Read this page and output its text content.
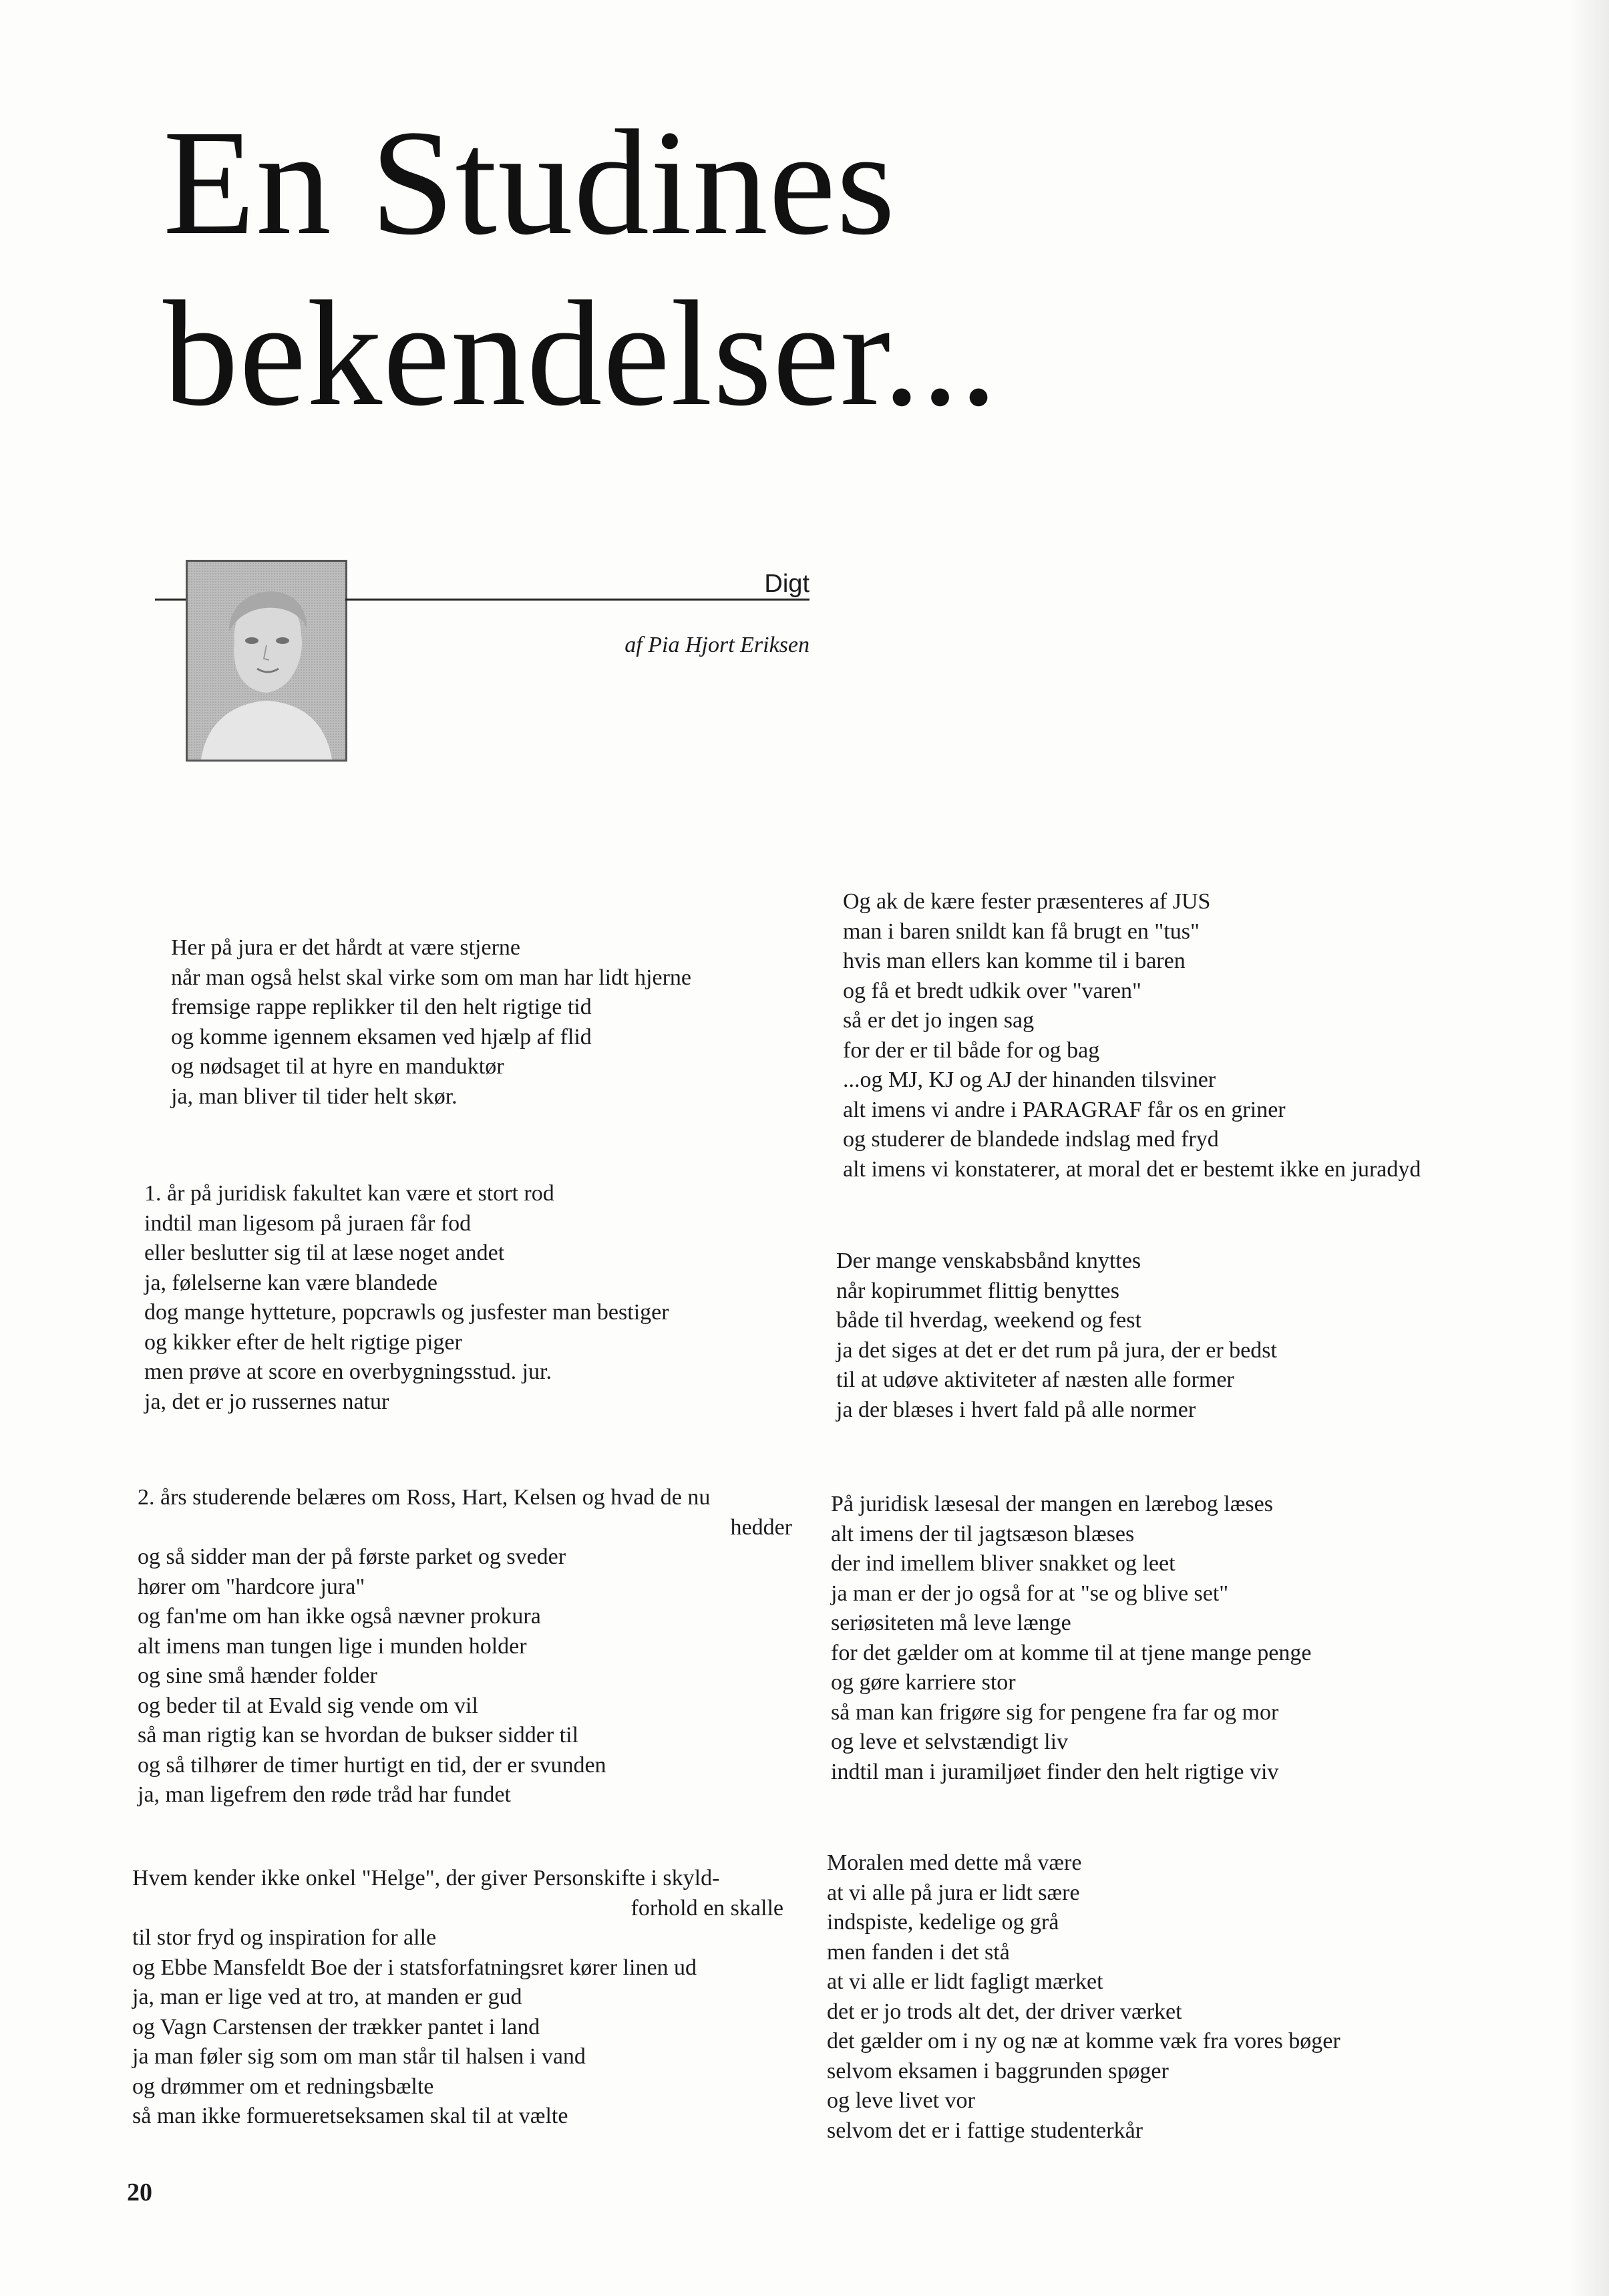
En Studines
bekendelser...
Digt
af Pia Hjort Eriksen
Her på jura er det hårdt at være stjerne
når man også helst skal virke som om man har lidt hjerne
fremsige rappe replikker til den helt rigtige tid
og komme igennem eksamen ved hjælp af flid
og nødsaget til at hyre en manduktør
ja, man bliver til tider helt skør.
1. år på juridisk fakultet kan være et stort rod
indtil man ligesom på juraen får fod
eller beslutter sig til at læse noget andet
ja, følelserne kan være blandede
dog mange hytteture, popcrawls og jusfester man bestiger
og kikker efter de helt rigtige piger
men prøve at score en overbygningsstud. jur.
ja, det er jo russernes natur
2. års studerende belæres om Ross, Hart, Kelsen og hvad de nu
hedder
og så sidder man der på første parket og sveder
hører om "hardcore jura"
og fan'me om han ikke også nævner prokura
alt imens man tungen lige i munden holder
og sine små hænder folder
og beder til at Evald sig vende om vil
så man rigtig kan se hvordan de bukser sidder til
og så tilhører de timer hurtigt en tid, der er svunden
ja, man ligefrem den røde tråd har fundet
Hvem kender ikke onkel "Helge", der giver Personskifte i skyld-
forhold en skalle
til stor fryd og inspiration for alle
og Ebbe Mansfeldt Boe der i statsforfatningsret kører linen ud
ja, man er lige ved at tro, at manden er gud
og Vagn Carstensen der trækker pantet i land
ja man føler sig som om man står til halsen i vand
og drømmer om et redningsbælte
så man ikke formueretseksamen skal til at vælte
Og ak de kære fester præsenteres af JUS
man i baren snildt kan få brugt en "tus"
hvis man ellers kan komme til i baren
og få et bredt udkik over "varen"
så er det jo ingen sag
for der er til både for og bag
...og MJ, KJ og AJ der hinanden tilsviner
alt imens vi andre i PARAGRAF får os en griner
og studerer de blandede indslag med fryd
alt imens vi konstaterer, at moral det er bestemt ikke en juradyd
Der mange venskabsbånd knyttes
når kopirummet flittig benyttes
både til hverdag, weekend og fest
ja det siges at det er det rum på jura, der er bedst
til at udøve aktiviteter af næsten alle former
ja der blæses i hvert fald på alle normer
På juridisk læsesal der mangen en lærebog læses
alt imens der til jagtsæson blæses
der ind imellem bliver snakket og leet
ja man er der jo også for at "se og blive set"
seriøsiteten må leve længe
for det gælder om at komme til at tjene mange penge
og gøre karriere stor
så man kan frigøre sig for pengene fra far og mor
og leve et selvstændigt liv
indtil man i juramiljøet finder den helt rigtige viv
Moralen med dette må være
at vi alle på jura er lidt sære
indspiste, kedelige og grå
men fanden i det stå
at vi alle er lidt fagligt mærket
det er jo trods alt det, der driver værket
det gælder om i ny og næ at komme væk fra vores bøger
selvom eksamen i baggrunden spøger
og leve livet vor
selvom det er i fattige studenterkår
20
